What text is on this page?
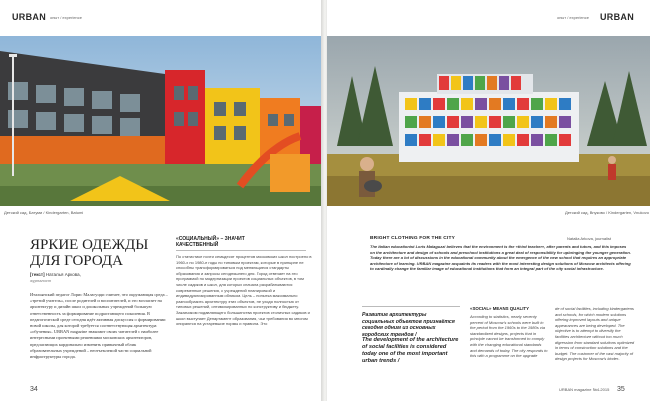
URBAN опыт / experience
Детский сад, Батуми / Kindergarten, Batumi
ЯРКИЕ ОДЕЖДЫ ДЛЯ ГОРОДА
[текст] Наталья Аркова,
журналист
Итальянский педагог Лорис Малагуцци считает, что окружающая среда – «третий учитель», после родителей и воспитателей, и это возлагает на архитектуру и дизайн школ и дошкольных учреждений большую ответственность за формирование подрастающего поколения. В педагогической среде сегодня идёт активная дискуссия о формировании новой школы, для которой требуется соответствующая архитектура «обучения». URBAN magazine знакомит своих читателей с наиболее интересными проектными решениями московских архитекторов, предлагающих кардинально изменить привычный облик образовательных учреждений – неотъемлемой части социальной инфраструктуры города.
«СОЦИАЛЬНЫЙ» – ЗНАЧИТ КАЧЕСТВЕННЫЙ
По статистике почти семьдесят процентов московских школ построено в 1960-х по 1980-е годы по типовым проектам, которые в принципе не способны трансформироваться под меняющиеся стандарты образования и запросы сегодняшнего дня. Город отвечает на это программой по модернизации проектов социальных объектов, в том числе садиков и школ, для которых сначала разрабатываются современные решения, с учреждений планировкой и индивидуализированным обликом. Цель – попытка максимально разнообразить архитектуру этих объектов, не уходя полностью от типовых решений, оптимизированных по конструктиву и бюджету. Заказчиком подавляющего большинства проектов столичных садиков и школ выступает Департамент образования, чьи требования во многом опираются на устаревшие нормы и правила. Это
34
опыт / experience URBAN
Детский сад, Внуково / Kindergarten, Vnukovo
BRIGHT CLOTHING FOR THE CITY	Natalia Arkova, journalist
The Italian educationist Loris Malaguzzi believes that the environment is the «third teacher», after parents and tutors, and this imposes on the architecture and design of schools and preschool institutions a great deal of responsibility for upbringing the younger generation. Today there are a lot of discussions in the educational community about the emergence of the new school that requires an appropriate architecture of learning. URBAN magazine acquaints its readers with the most interesting design solutions of Moscow architects offering to cardinally change the familiar image of educational institutions that form an integral part of the city social infrastructure.
Развитие архитектуры социальных объектов признаётся сегодня одним из основных городских трендов /
The development of the architecture of social facilities is considered today one of the most important urban trends /
«SOCIAL» MEANS QUALITY
According to statistics, nearly seventy percent of Moscow's schools were built in the period from the 1960s to the 1980s via standardized designs, projects that in principle cannot be transformed to comply with the changing educational standards and demands of today. The city responds to this with a programme on the upgrade
de of social facilities, including kindergartens and schools, for which modern solutions offering improved layouts and unique appearances are being developed. The objective is to attempt to diversify the facilities architecture without too much digression from standard solutions optimized in terms of construction solutions and the budget. The customer of the vast majority of design projects for Moscow's kinder-
URBAN magazine №4-2015 35
